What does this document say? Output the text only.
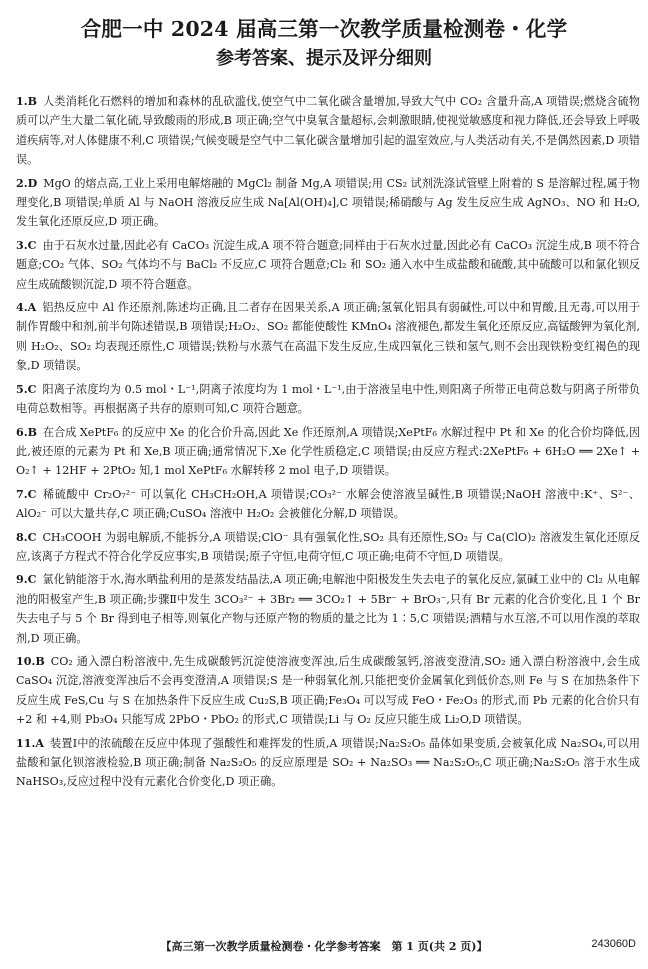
合肥一中 2024 届高三第一次教学质量检测卷・化学
参考答案、提示及评分细则
1.B 人类消耗化石燃料的增加和森林的乱砍滥伐,使空气中二氧化碳含量增加,导致大气中 CO₂ 含量升高,A 项错误;燃烧含硫物质可以产生大量二氧化硫,导致酸雨的形成,B 项正确;空气中臭氧含量超标,会刺激眼睛,使视觉敏感度和视力降低,还会导致上呼吸道疾病等,对人体健康不利,C 项错误;气候变暖是空气中二氧化碳含量增加引起的温室效应,与人类活动有关,不是偶然因素,D 项错误。
2.D MgO 的熔点高,工业上采用电解熔融的 MgCl₂ 制备 Mg,A 项错误;用 CS₂ 试剂洗涤试管壁上附着的 S 是溶解过程,属于物理变化,B 项错误;单质 Al 与 NaOH 溶液反应生成 Na[Al(OH)₄],C 项错误;稀硝酸与 Ag 发生反应生成 AgNO₃、NO 和 H₂O,发生氧化还原反应,D 项正确。
3.C 由于石灰水过量,因此必有 CaCO₃ 沉淀生成,A 项不符合题意;同样由于石灰水过量,因此必有 CaCO₃ 沉淀生成,B 项不符合题意;CO₂ 气体、SO₂ 气体均不与 BaCl₂ 不反应,C 项符合题意;Cl₂ 和 SO₂ 通入水中生成盐酸和硫酸,其中硫酸可以和氯化钡反应生成硫酸钡沉淀,D 项不符合题意。
4.A 铝热反应中 Al 作还原剂,陈述均正确,且二者存在因果关系,A 项正确;氢氧化铝具有弱碱性,可以中和胃酸,且无毒,可以用于制作胃酸中和剂,前半句陈述错误,B 项错误;H₂O₂、SO₂ 都能使酸性 KMnO₄ 溶液褪色,都发生氧化还原反应,高锰酸钾为氧化剂,则 H₂O₂、SO₂ 均表现还原性,C 项错误;铁粉与水蒸气在高温下发生反应,生成四氧化三铁和氢气,则不会出现铁粉变红褐色的现象,D 项错误。
5.C 阳离子浓度均为 0.5 mol・L⁻¹,阴离子浓度均为 1 mol・L⁻¹,由于溶液呈电中性,则阳离子所带正电荷总数与阴离子所带负电荷总数相等。再根据离子共存的原则可知,C 项符合题意。
6.B 在合成 XePtF₆ 的反应中 Xe 的化合价升高,因此 Xe 作还原剂,A 项错误;XePtF₆ 水解过程中 Pt 和 Xe 的化合价均降低,因此,被还原的元素为 Pt 和 Xe,B 项正确;通常情况下,Xe 化学性质稳定,C 项错误;由反应方程式:2XePtF₆ + 6H₂O ══ 2Xe↑ + O₂↑ + 12HF + 2PtO₂ 知,1 mol XePtF₆ 水解转移 2 mol 电子,D 项错误。
7.C 稀硫酸中 Cr₂O₇²⁻ 可以氧化 CH₃CH₂OH,A 项错误;CO₃²⁻ 水解会使溶液呈碱性,B 项错误;NaOH 溶液中:K⁺、S²⁻、AlO₂⁻ 可以大量共存,C 项正确;CuSO₄ 溶液中 H₂O₂ 会被催化分解,D 项错误。
8.C CH₃COOH 为弱电解质,不能拆分,A 项错误;ClO⁻ 具有强氧化性,SO₂ 具有还原性,SO₂ 与 Ca(ClO)₂ 溶液发生氧化还原反应,该离子方程式不符合化学反应事实,B 项错误;原子守恒,电荷守恒,C 项正确;电荷不守恒,D 项错误。
9.C 氯化钠能溶于水,海水晒盐利用的是蒸发结晶法,A 项正确;电解池中阳极发生失去电子的氧化反应,氯碱工业中的 Cl₂ 从电解池的阳极室产生,B 项正确;步骤Ⅱ中发生 3CO₃²⁻ + 3Br₂ ══ 3CO₂↑ + 5Br⁻ + BrO₃⁻,只有 Br 元素的化合价变化,且 1 个 Br 失去电子与 5 个 Br 得到电子相等,则氧化产物与还原产物的物质的量之比为 1∶5,C 项错误;酒精与水互溶,不可以用作溴的萃取剂,D 项正确。
10.B CO₂ 通入漂白粉溶液中,先生成碳酸钙沉淀使溶液变浑浊,后生成碳酸氢钙,溶液变澄清,SO₂ 通入漂白粉溶液中,会生成 CaSO₄ 沉淀,溶液变浑浊后不会再变澄清,A 项错误;S 是一种弱氧化剂,只能把变价金属氧化到低价态,则 Fe 与 S 在加热条件下反应生成 FeS,Cu 与 S 在加热条件下反应生成 Cu₂S,B 项正确;Fe₃O₄ 可以写成 FeO・Fe₂O₃ 的形式,而 Pb 元素的化合价只有 +2 和 +4,则 Pb₃O₄ 只能写成 2PbO・PbO₂ 的形式,C 项错误;Li 与 O₂ 反应只能生成 Li₂O,D 项错误。
11.A 装置Ⅰ中的浓硫酸在反应中体现了强酸性和难挥发的性质,A 项错误;Na₂S₂O₅ 晶体如果变质,会被氧化成 Na₂SO₄,可以用盐酸和氯化钡溶液检验,B 项正确;制备 Na₂S₂O₅ 的反应原理是 SO₂ + Na₂SO₃ ══ Na₂S₂O₅,C 项正确;Na₂S₂O₅ 溶于水生成 NaHSO₃,反应过程中没有元素化合价变化,D 项正确。
【高三第一次教学质量检测卷・化学参考答案　第 1 页(共 2 页)】	243060D
